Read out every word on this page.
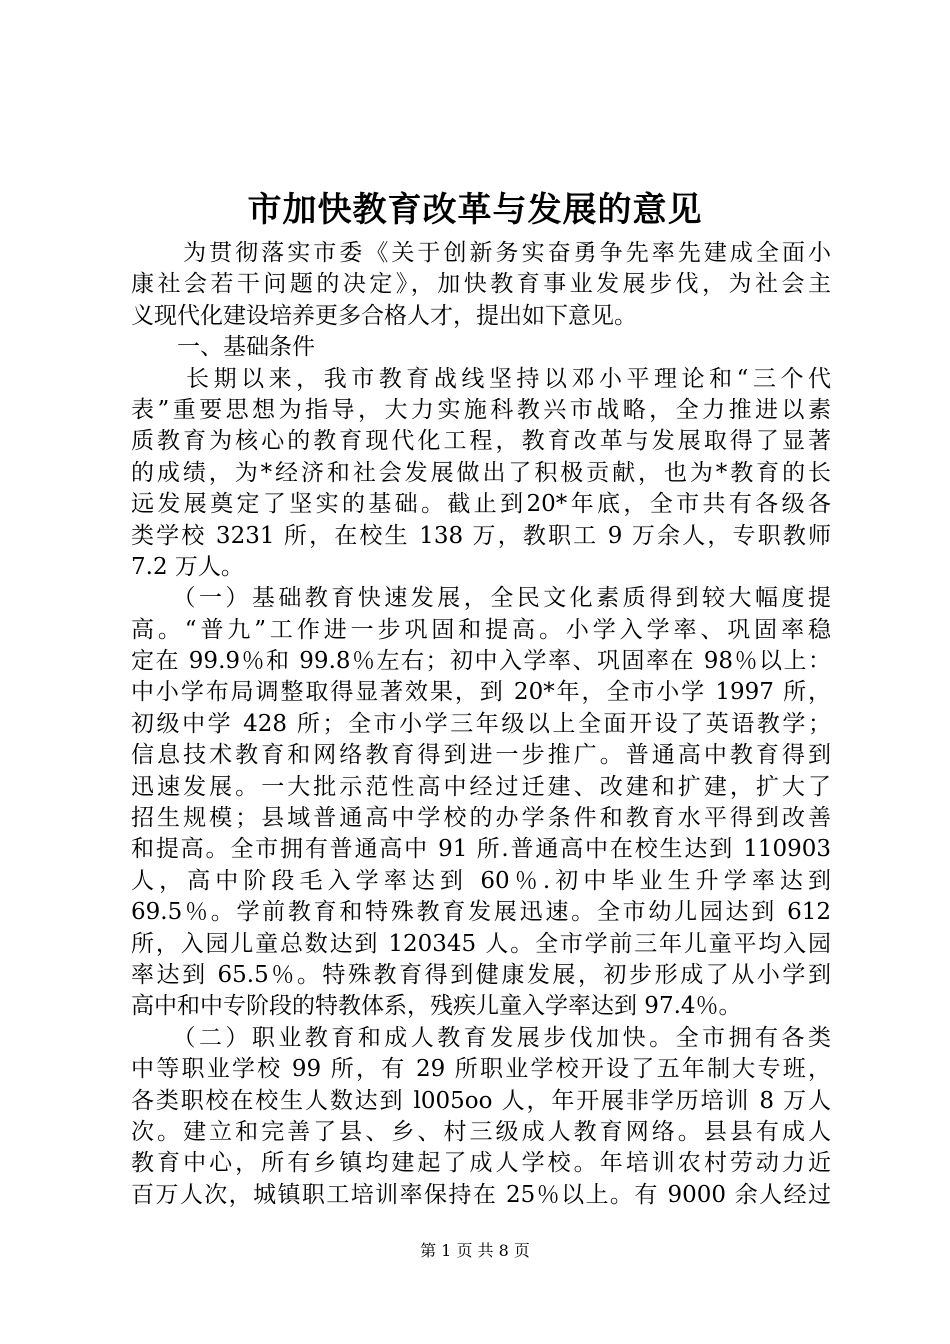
市加快教育改革与发展的意见
　　为贯彻落实市委《关于创新务实奋勇争先率先建成全面小
康社会若干问题的决定》，加快教育事业发展步伐，为社会主
义现代化建设培养更多合格人才，提出如下意见。
　　一、基础条件
　　长期以来，我市教育战线坚持以邓小平理论和“三个代
表”重要思想为指导，大力实施科教兴市战略，全力推进以素
质教育为核心的教育现代化工程，教育改革与发展取得了显著
的成绩，为*经济和社会发展做出了积极贡献，也为*教育的长
远发展奠定了坚实的基础。截止到20*年底，全市共有各级各
类学校 3231 所，在校生 138 万，教职工 9 万余人，专职教师
7.2 万人。
　　（一）基础教育快速发展，全民文化素质得到较大幅度提
高。“普九”工作进一步巩固和提高。小学入学率、巩固率稳
定在 99.9％和 99.8％左右；初中入学率、巩固率在 98％以上：
中小学布局调整取得显著效果，到 20*年，全市小学 1997 所，
初级中学 428 所；全市小学三年级以上全面开设了英语教学；
信息技术教育和网络教育得到进一步推广。普通高中教育得到
迅速发展。一大批示范性高中经过迁建、改建和扩建，扩大了
招生规模；县域普通高中学校的办学条件和教育水平得到改善
和提高。全市拥有普通高中 91 所.普通高中在校生达到 110903
人，高中阶段毛入学率达到 60％.初中毕业生升学率达到
69.5％。学前教育和特殊教育发展迅速。全市幼儿园达到 612
所，入园儿童总数达到 120345 人。全市学前三年儿童平均入园
率达到 65.5％。特殊教育得到健康发展，初步形成了从小学到
高中和中专阶段的特教体系，残疾儿童入学率达到 97.4％。
　　（二）职业教育和成人教育发展步伐加快。全市拥有各类
中等职业学校 99 所，有 29 所职业学校开设了五年制大专班，
各类职校在校生人数达到 l005oo 人，年开展非学历培训 8 万人
次。建立和完善了县、乡、村三级成人教育网络。县县有成人
教育中心，所有乡镇均建起了成人学校。年培训农村劳动力近
百万人次，城镇职工培训率保持在 25％以上。有 9000 余人经过
第 1 页 共 8 页
